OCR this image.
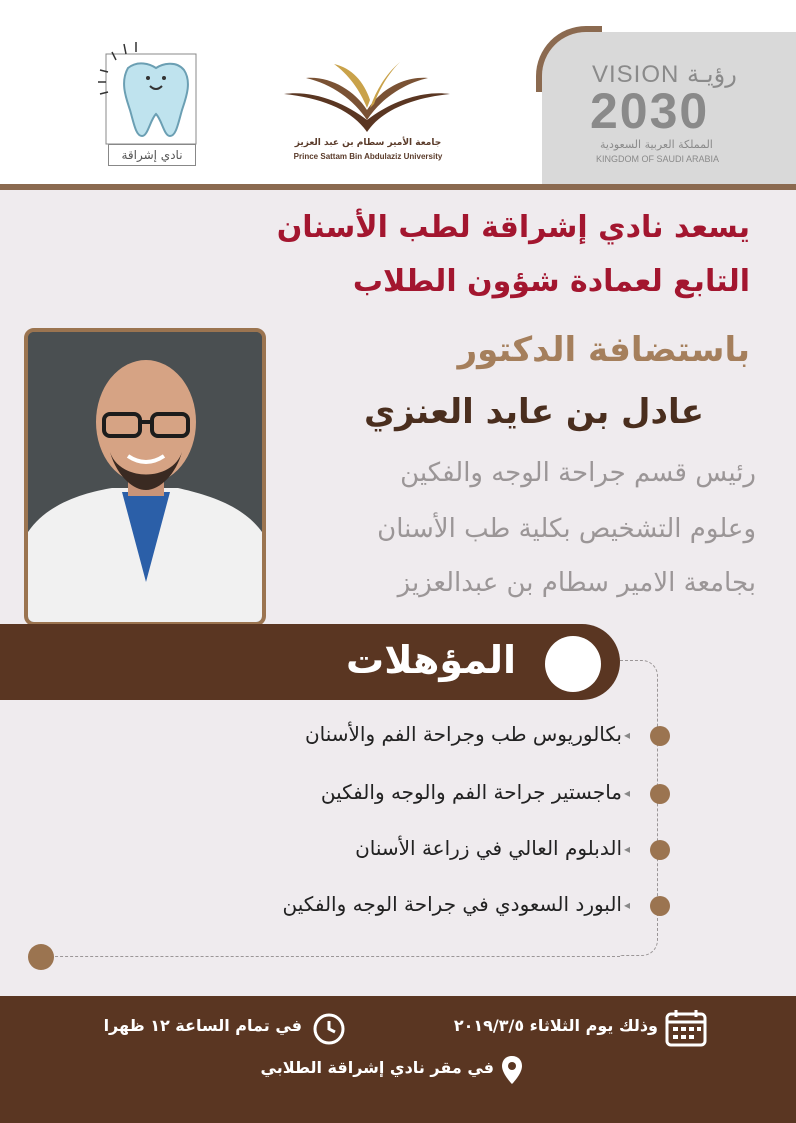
VISION رؤيـة
2030
المملكة العربية السعودية
KINGDOM OF SAUDI ARABIA
جامعة الأمير سطام بن عبد العزيز
Prince Sattam Bin Abdulaziz University
نادي إشراقة
يسعد نادي إشراقة لطب الأسنان
التابع لعمادة شؤون الطلاب
باستضافة الدكتور
عادل بن عايد العنزي
رئيس قسم جراحة الوجه والفكين
وعلوم التشخيص بكلية طب الأسنان
بجامعة الامير سطام بن عبدالعزيز
المؤهلات
◂
بكالوريوس طب وجراحة الفم والأسنان
◂
ماجستير جراحة الفم والوجه والفكين
◂
الدبلوم العالي في زراعة الأسنان
◂
البورد السعودي في جراحة الوجه والفكين
وذلك يوم الثلاثاء ٢٠١٩/٣/٥
في تمام الساعة ١٢ ظهرا
في مقر نادي إشراقة الطلابي
